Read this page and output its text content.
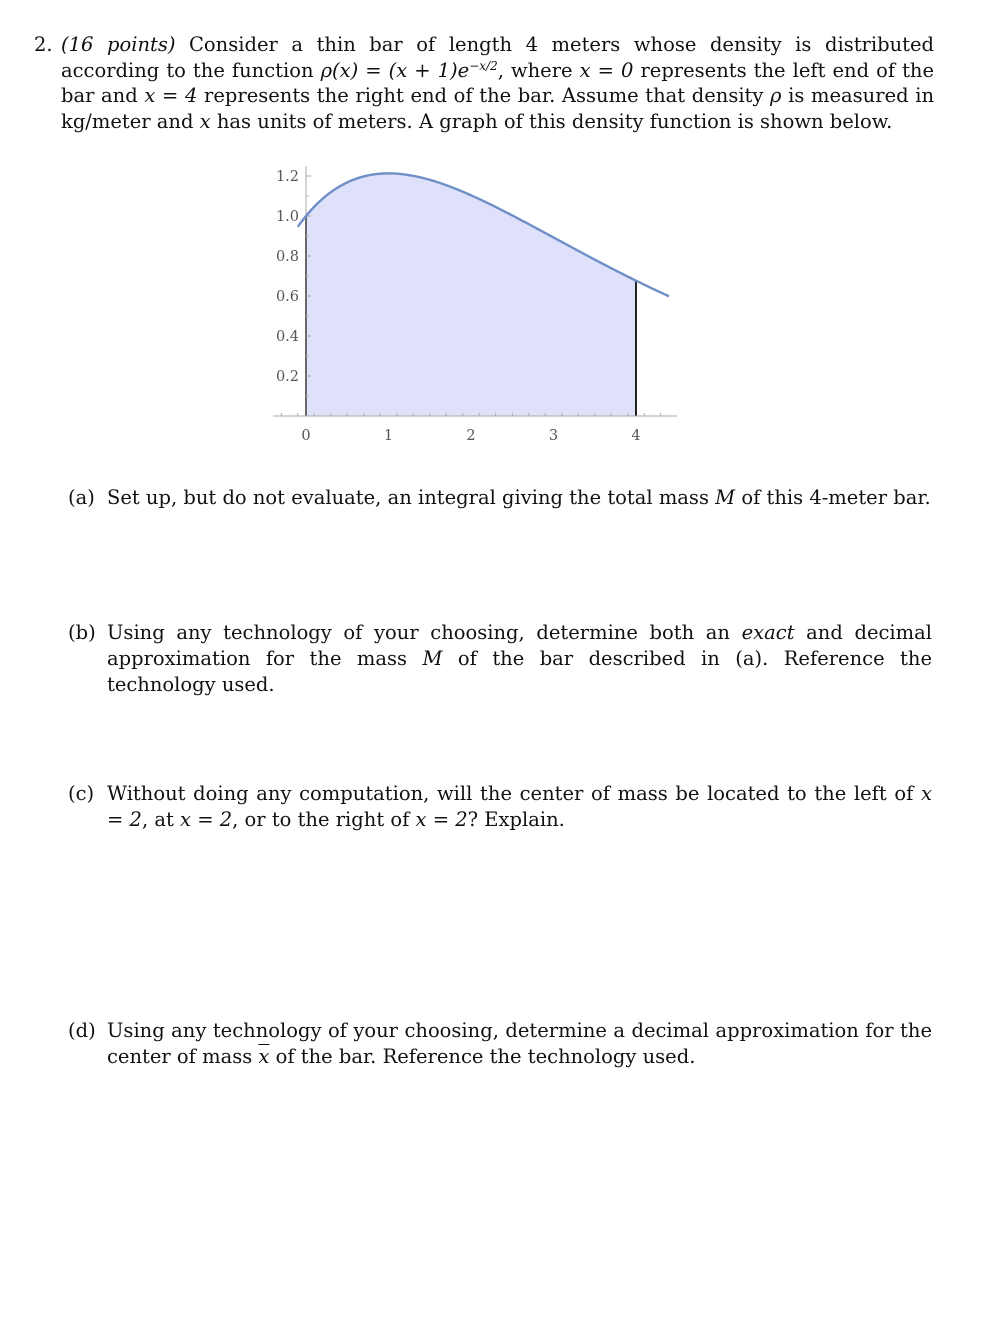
2. (16 points) Consider a thin bar of length 4 meters whose density is distributed according to the function $\rho(x) = (x + 1)e^{-x/2}$, where x = 0 represents the left end of the bar and x = 4 represents the right end of the bar. Assume that density ρ is measured in kg/meter and x has units of meters. A graph of this density function is shown below.
0	1	2	3	4
0.2
0.4
0.6
0.8
1.0
1.2
(a) Set up, but do not evaluate, an integral giving the total mass M of this 4-meter bar.
(b) Using any technology of your choosing, determine both an exact and decimal approximation for the mass M of the bar described in (a). Reference the technology used.
(c) Without doing any computation, will the center of mass be located to the left of x = 2, at x = 2, or to the right of x = 2? Explain.
(d) Using any technology of your choosing, determine a decimal approximation for the center of mass $\overline{x}$ of the bar. Reference the technology used.
